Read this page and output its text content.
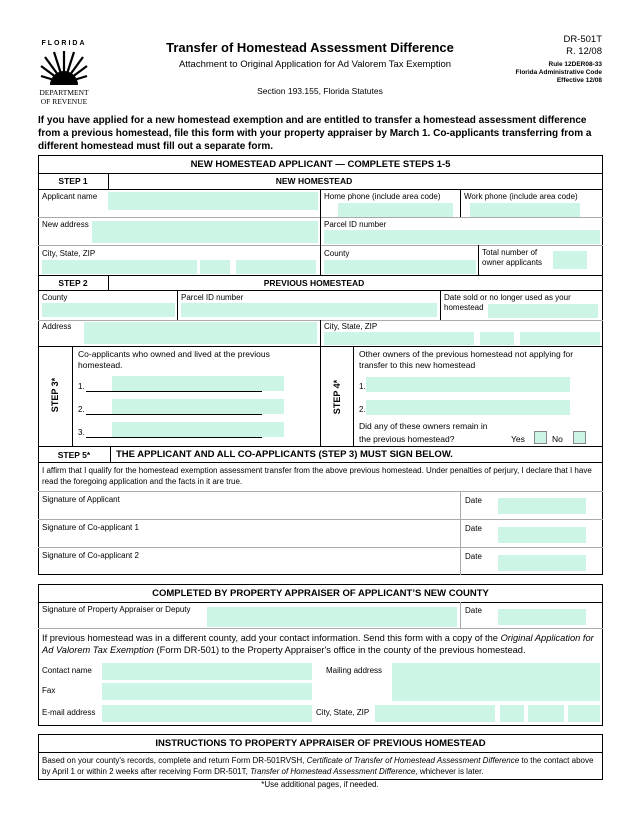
FLORIDA
DEPARTMENT
OF REVENUE
Transfer of Homestead Assessment Difference
Attachment to Original Application for Ad Valorem Tax Exemption
Section 193.155, Florida Statutes
DR-501T
R. 12/08
Rule 12DER08-33
Florida Administrative Code
Effective 12/08
If you have applied for a new homestead exemption and are entitled to transfer a homestead assessment difference from a previous homestead, file this form with your property appraiser by March 1. Co-applicants transferring from a different homestead must fill out a separate form.
NEW HOMESTEAD APPLICANT — COMPLETE STEPS 1-5
STEP 1	NEW HOMESTEAD
Applicant name	Home phone (include area code)	Work phone (include area code)
New address	Parcel ID number
City, State, ZIP	County	Total number of owner applicants
STEP 2	PREVIOUS HOMESTEAD
County	Parcel ID number	Date sold or no longer used as your homestead
Address	City, State, ZIP
STEP 3*
Co-applicants who owned and lived at the previous homestead.
1.
2.
3.
STEP 4*
Other owners of the previous homestead not applying for transfer to this new homestead
1.
2.
Did any of these owners remain in the previous homestead?	Yes	No
STEP 5*	THE APPLICANT AND ALL CO-APPLICANTS (STEP 3) MUST SIGN BELOW.
I affirm that I qualify for the homestead exemption assessment transfer from the above previous homestead. Under penalties of perjury, I declare that I have read the foregoing application and the facts in it are true.
Signature of Applicant	Date
Signature of Co-applicant 1	Date
Signature of Co-applicant 2	Date
COMPLETED BY PROPERTY APPRAISER OF APPLICANT’S NEW COUNTY
Signature of Property Appraiser or Deputy	Date
If previous homestead was in a different county, add your contact information. Send this form with a copy of the Original Application for Ad Valorem Tax Exemption (Form DR-501) to the Property Appraiser's office in the county of the previous homestead.
Contact name	Mailing address
Fax
E-mail address	City, State, ZIP
INSTRUCTIONS TO PROPERTY APPRAISER OF PREVIOUS HOMESTEAD
Based on your county's records, complete and return Form DR-501RVSH, Certificate of Transfer of Homestead Assessment Difference to the contact above by April 1 or within 2 weeks after receiving Form DR-501T, Transfer of Homestead Assessment Difference, whichever is later.
*Use additional pages, if needed.
